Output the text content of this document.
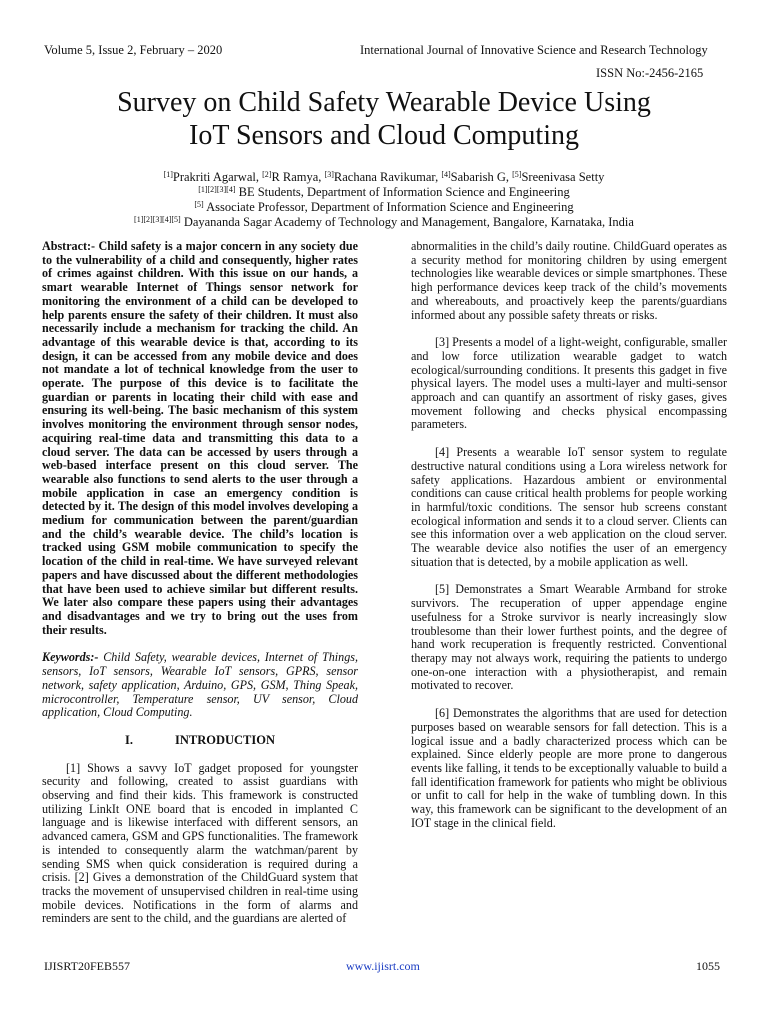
Volume 5, Issue 2, February – 2020	International Journal of Innovative Science and Research Technology
ISSN No:-2456-2165
Survey on Child Safety Wearable Device Using
IoT Sensors and Cloud Computing
[1]Prakriti Agarwal, [2]R Ramya, [3]Rachana Ravikumar, [4]Sabarish G, [5]Sreenivasa Setty
[1][2][3][4] BE Students, Department of Information Science and Engineering
[5] Associate Professor, Department of Information Science and Engineering
[1][2][3][4][5] Dayananda Sagar Academy of Technology and Management, Bangalore, Karnataka, India

Abstract:- Child safety is a major concern in any society due to the vulnerability of a child and consequently, higher rates of crimes against children. With this issue on our hands, a smart wearable Internet of Things sensor network for monitoring the environment of a child can be developed to help parents ensure the safety of their children. It must also necessarily include a mechanism for tracking the child. An advantage of this wearable device is that, according to its design, it can be accessed from any mobile device and does not mandate a lot of technical knowledge from the user to operate. The purpose of this device is to facilitate the guardian or parents in locating their child with ease and ensuring its well-being. The basic mechanism of this system involves monitoring the environment through sensor nodes, acquiring real-time data and transmitting this data to a cloud server. The data can be accessed by users through a web-based interface present on this cloud server. The wearable also functions to send alerts to the user through a mobile application in case an emergency condition is detected by it. The design of this model involves developing a medium for communication between the parent/guardian and the child’s wearable device. The child’s location is tracked using GSM mobile communication to specify the location of the child in real-time. We have surveyed relevant papers and have discussed about the different methodologies that have been used to achieve similar but different results. We later also compare these papers using their advantages and disadvantages and we try to bring out the uses from their results.

Keywords:- Child Safety, wearable devices, Internet of Things, sensors, IoT sensors, Wearable IoT sensors, GPRS, sensor network, safety application, Arduino, GPS, GSM, Thing Speak, microcontroller, Temperature sensor, UV sensor, Cloud application, Cloud Computing.

I.	INTRODUCTION

[1] Shows a savvy IoT gadget proposed for youngster security and following, created to assist guardians with observing and find their kids. This framework is constructed utilizing LinkIt ONE board that is encoded in implanted C language and is likewise interfaced with different sensors, an advanced camera, GSM and GPS functionalities. The framework is intended to consequently alarm the watchman/parent by sending SMS when quick consideration is required during a crisis. [2] Gives a demonstration of the ChildGuard system that tracks the movement of unsupervised children in real-time using mobile devices. Notifications in the form of alarms and reminders are sent to the child, and the guardians are alerted of

abnormalities in the child’s daily routine. ChildGuard operates as a security method for monitoring children by using emergent technologies like wearable devices or simple smartphones. These high performance devices keep track of the child’s movements and whereabouts, and proactively keep the parents/guardians informed about any possible safety threats or risks.

[3] Presents a model of a light-weight, configurable, smaller and low force utilization wearable gadget to watch ecological/surrounding conditions. It presents this gadget in five physical layers. The model uses a multi-layer and multi-sensor approach and can quantify an assortment of risky gases, gives movement following and checks physical encompassing parameters.

[4] Presents a wearable IoT sensor system to regulate destructive natural conditions using a Lora wireless network for safety applications. Hazardous ambient or environmental conditions can cause critical health problems for people working in harmful/toxic conditions. The sensor hub screens constant ecological information and sends it to a cloud server. Clients can see this information over a web application on the cloud server. The wearable device also notifies the user of an emergency situation that is detected, by a mobile application as well.

[5] Demonstrates a Smart Wearable Armband for stroke survivors. The recuperation of upper appendage engine usefulness for a Stroke survivor is nearly increasingly slow troublesome than their lower furthest points, and the degree of hand work recuperation is frequently restricted. Conventional therapy may not always work, requiring the patients to undergo one-on-one interaction with a physiotherapist, and remain motivated to recover.

[6] Demonstrates the algorithms that are used for detection purposes based on wearable sensors for fall detection. This is a logical issue and a badly characterized process which can be explained. Since elderly people are more prone to dangerous events like falling, it tends to be exceptionally valuable to build a fall identification framework for patients who might be oblivious or unfit to call for help in the wake of tumbling down. In this way, this framework can be significant to the development of an IOT stage in the clinical field.

IJISRT20FEB557	www.ijisrt.com	1055
